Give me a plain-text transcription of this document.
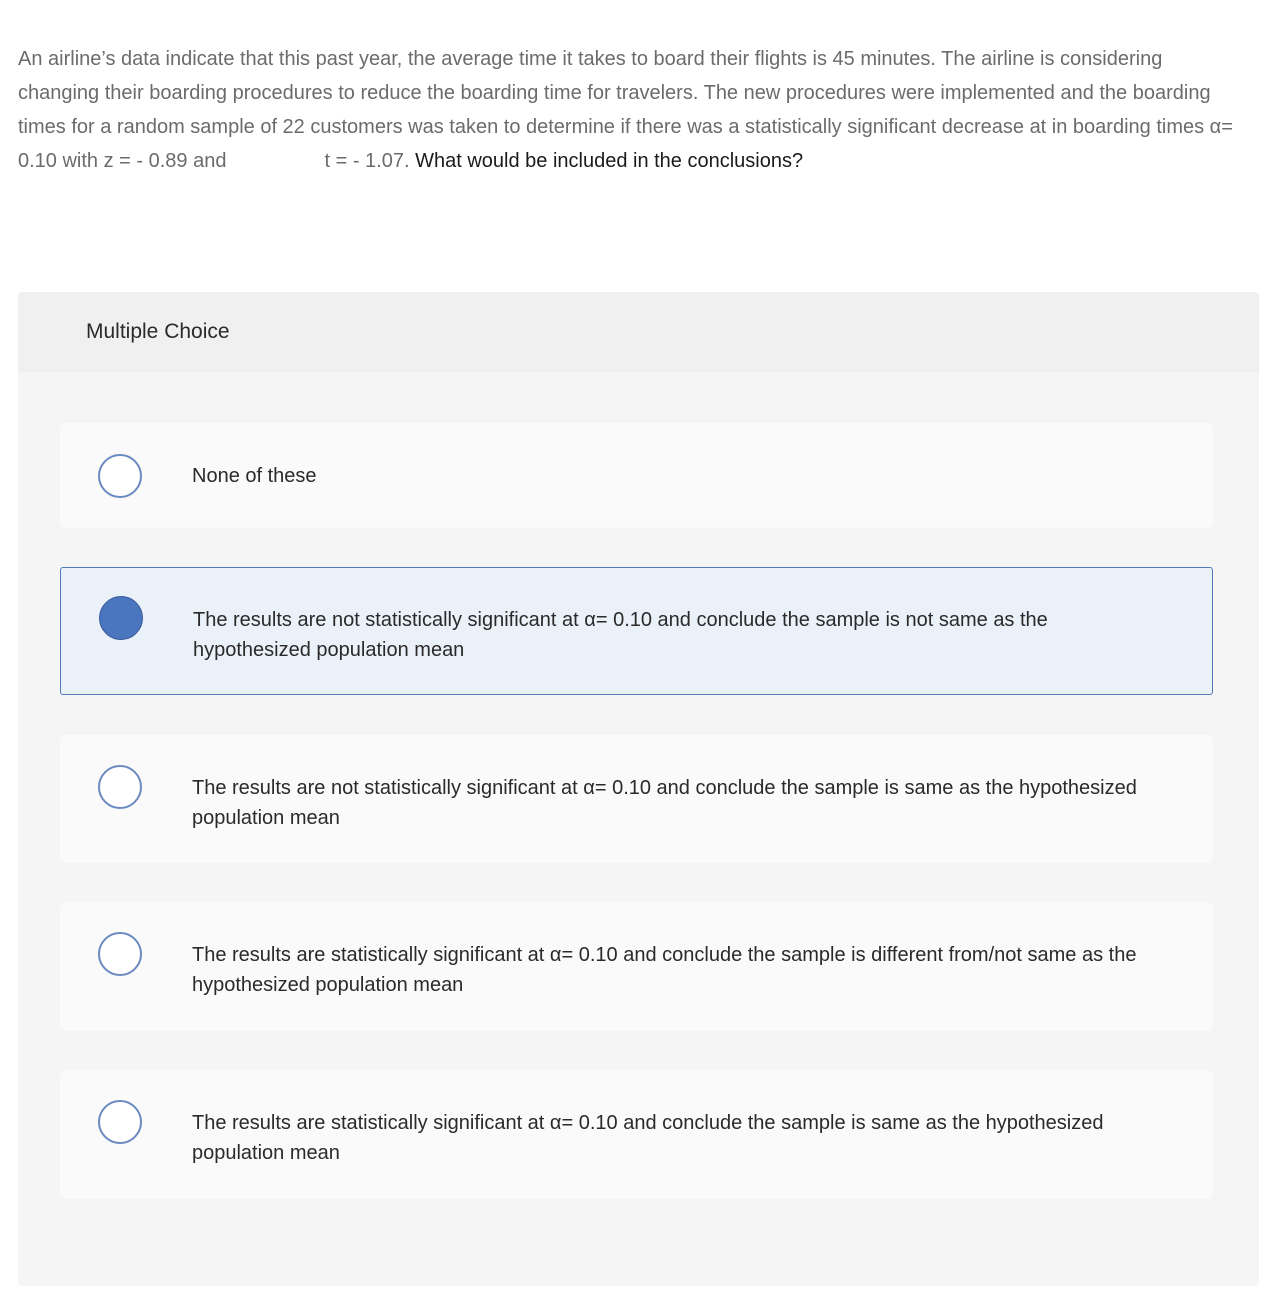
An airline’s data indicate that this past year, the average time it takes to board their flights is 45 minutes. The airline is considering changing their boarding procedures to reduce the boarding time for travelers. The new procedures were implemented and the boarding times for a random sample of 22 customers was taken to determine if there was a statistically significant decrease at in boarding times α= 0.10 with z = - 0.89 and	t = - 1.07. What would be included in the conclusions?
Multiple Choice
None of these
The results are not statistically significant at α= 0.10 and conclude the sample is not same as the hypothesized population mean
The results are not statistically significant at α= 0.10 and conclude the sample is same as the hypothesized population mean
The results are statistically significant at α= 0.10 and conclude the sample is different from/not same as the hypothesized population mean
The results are statistically significant at α= 0.10 and conclude the sample is same as the hypothesized population mean
